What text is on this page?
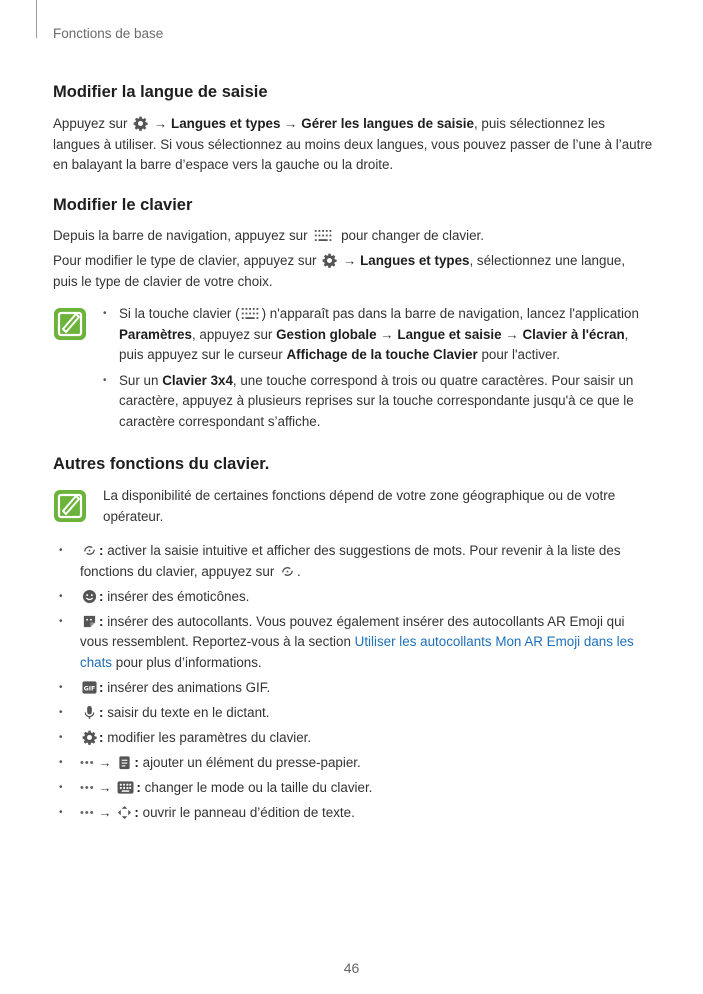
Fonctions de base
Modifier la langue de saisie

Appuyez sur → Langues et types → Gérer les langues de saisie, puis sélectionnez les langues à utiliser. Si vous sélectionnez au moins deux langues, vous pouvez passer de l’une à l’autre en balayant la barre d’espace vers la gauche ou la droite.

Modifier le clavier

Depuis la barre de navigation, appuyez sur pour changer de clavier.

Pour modifier le type de clavier, appuyez sur → Langues et types, sélectionnez une langue, puis le type de clavier de votre choix.

• Si la touche clavier ( ) n'apparaît pas dans la barre de navigation, lancez l'application Paramètres, appuyez sur Gestion globale → Langue et saisie → Clavier à l'écran, puis appuyez sur le curseur Affichage de la touche Clavier pour l'activer.
• Sur un Clavier 3x4, une touche correspond à trois ou quatre caractères. Pour saisir un caractère, appuyez à plusieurs reprises sur la touche correspondante jusqu'à ce que le caractère correspondant s’affiche.
Autres fonctions du clavier.

La disponibilité de certaines fonctions dépend de votre zone géographique ou de votre opérateur.

• : activer la saisie intuitive et afficher des suggestions de mots. Pour revenir à la liste des fonctions du clavier, appuyez sur .
• : insérer des émoticônes.
• : insérer des autocollants. Vous pouvez également insérer des autocollants AR Emoji qui vous ressemblent. Reportez-vous à la section Utiliser les autocollants Mon AR Emoji dans les chats pour plus d’informations.
• GIF : insérer des animations GIF.
• : saisir du texte en le dictant.
• : modifier les paramètres du clavier.
• ••• → : ajouter un élément du presse-papier.
• ••• → : changer le mode ou la taille du clavier.
• ••• → : ouvrir le panneau d’édition de texte.
46
